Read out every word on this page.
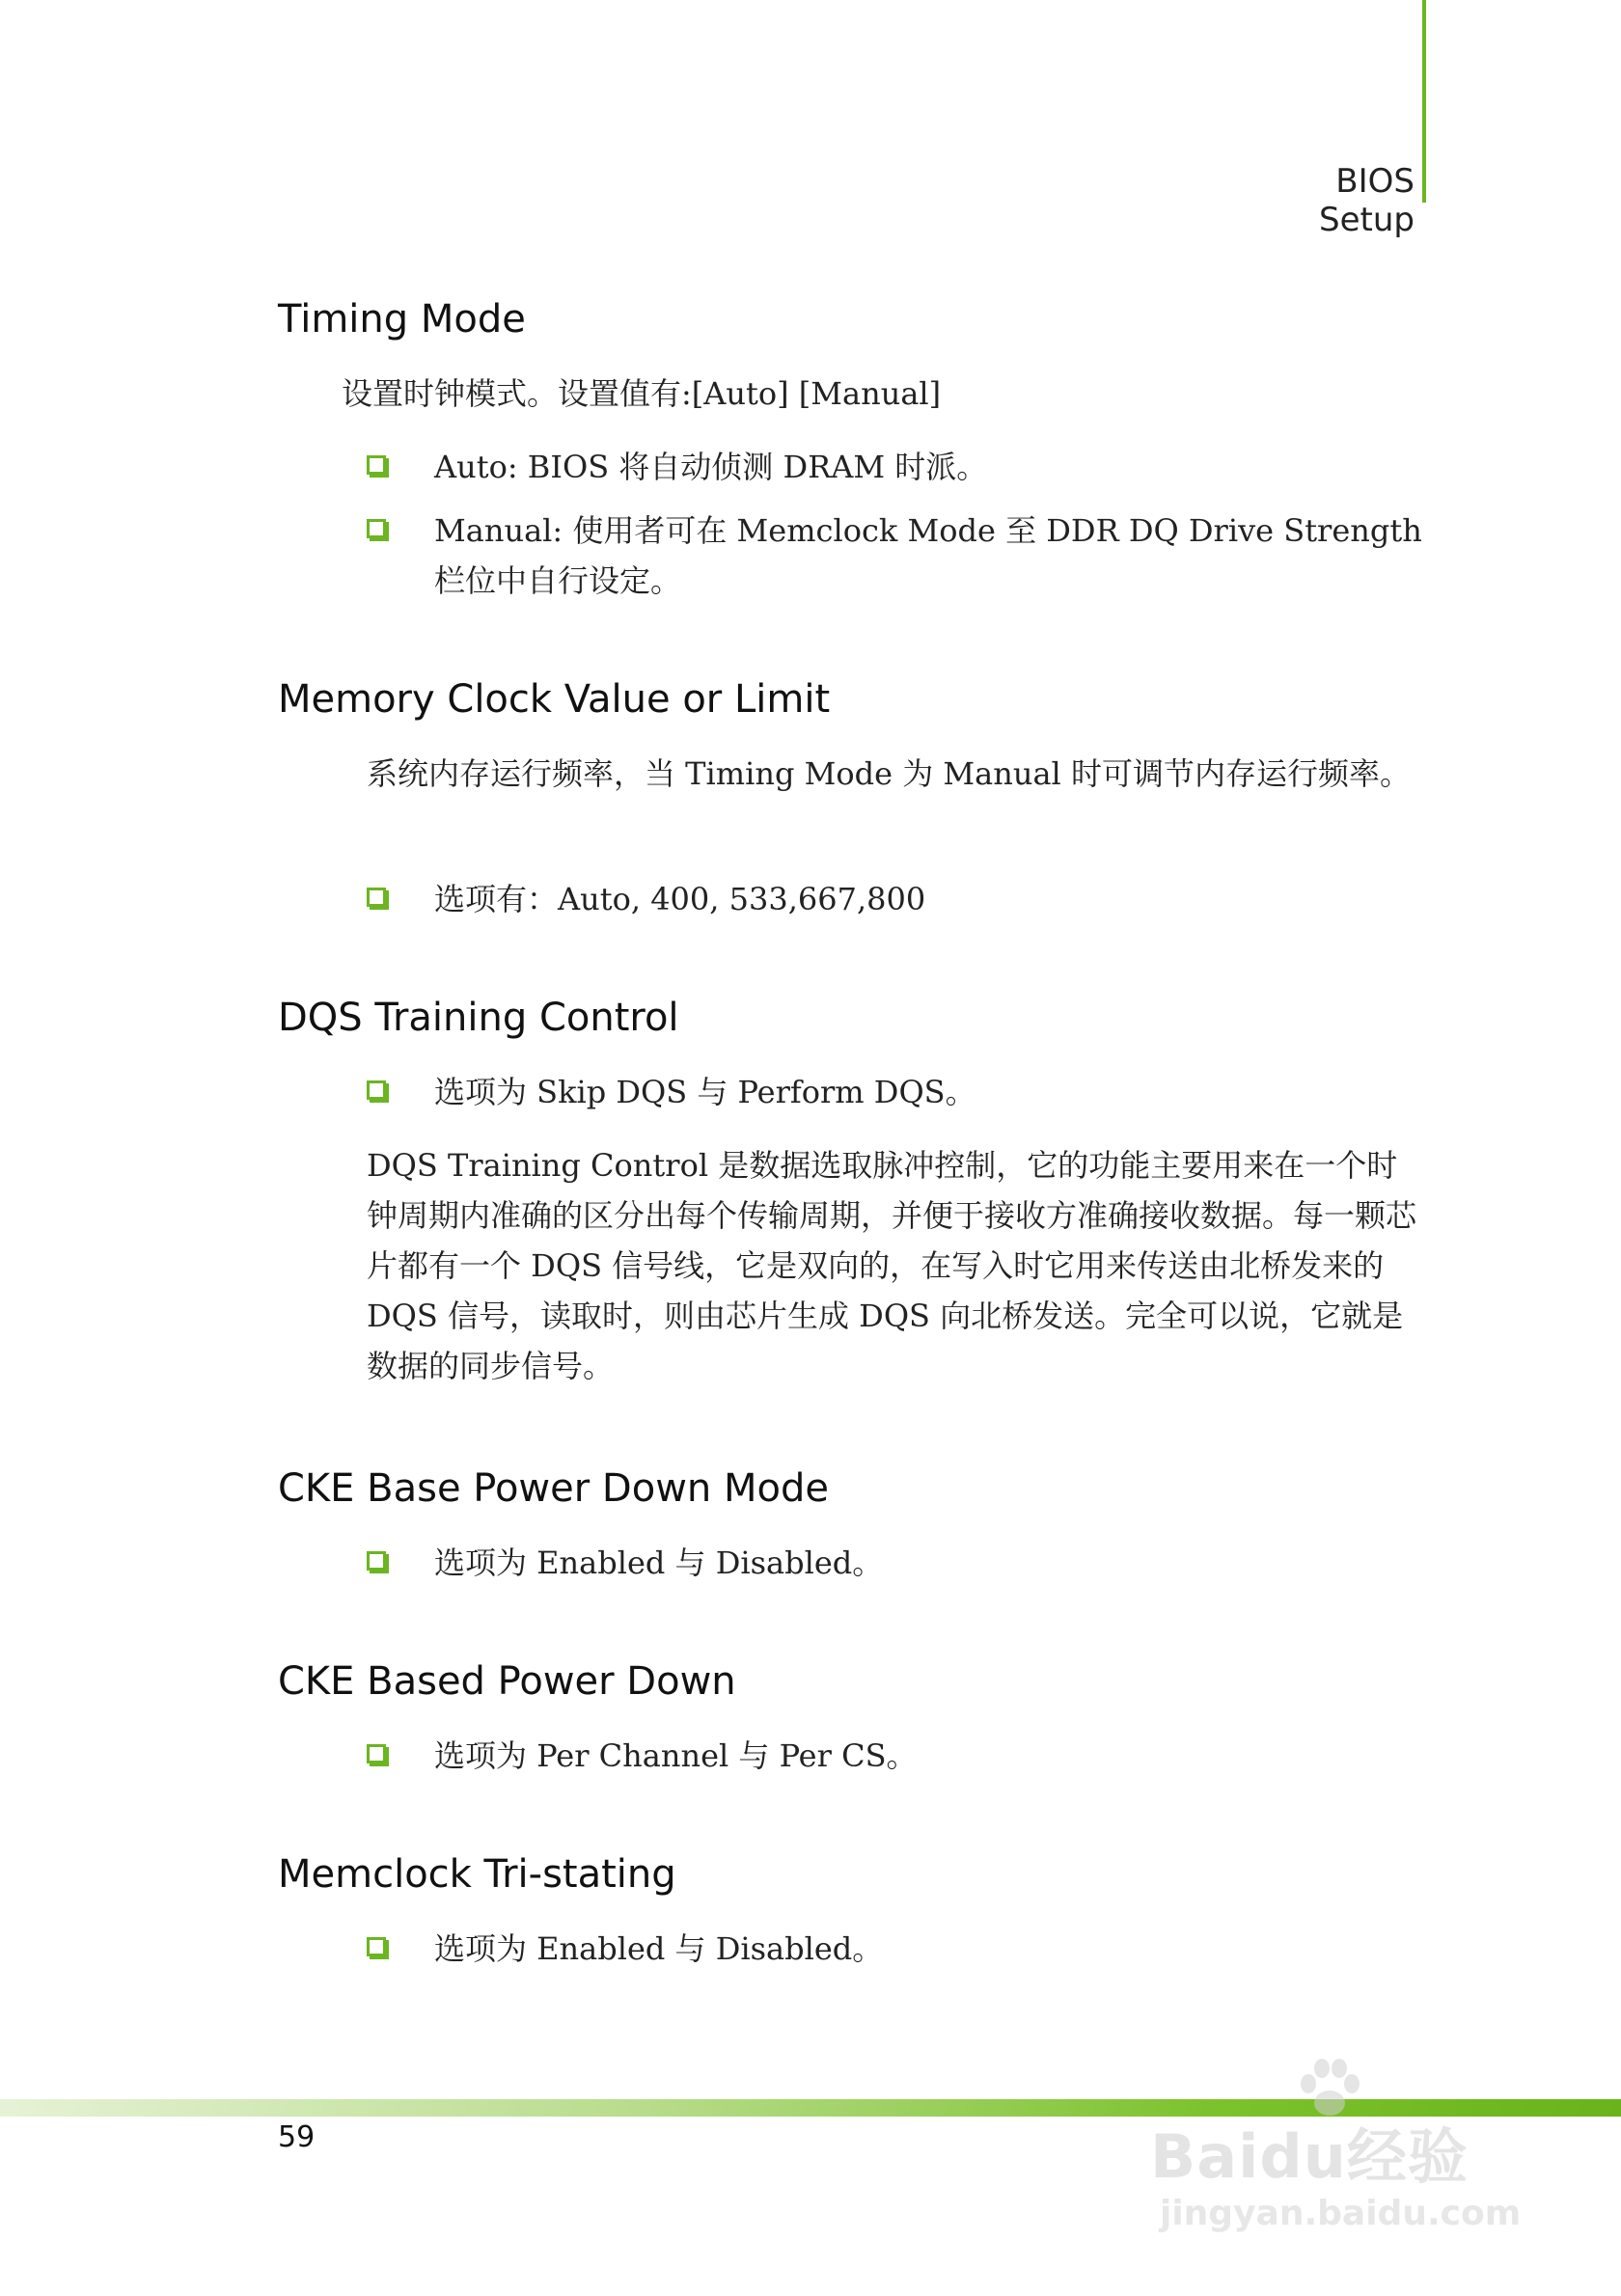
BIOS Setup
Timing Mode
设置时钟模式。设置值有:[Auto] [Manual]
Auto: BIOS 将自动侦测 DRAM 时派。
Manual: 使用者可在 Memclock Mode 至 DDR DQ Drive Strength 栏位中自行设定。
Memory Clock Value or Limit
系统内存运行频率，当 Timing Mode 为 Manual 时可调节内存运行频率。
选项有：Auto, 400, 533,667,800
DQS Training Control
选项为 Skip DQS 与 Perform DQS。
DQS Training Control 是数据选取脉冲控制，它的功能主要用来在一个时钟周期内准确的区分出每个传输周期，并便于接收方准确接收数据。每一颗芯片都有一个 DQS 信号线，它是双向的，在写入时它用来传送由北桥发来的 DQS 信号，读取时，则由芯片生成 DQS 向北桥发送。完全可以说，它就是数据的同步信号。
CKE Base Power Down Mode
选项为 Enabled 与 Disabled。
CKE Based Power Down
选项为 Per Channel 与 Per CS。
Memclock Tri-stating
选项为 Enabled 与 Disabled。
59	Baidu经验
jingyan.baidu.com
